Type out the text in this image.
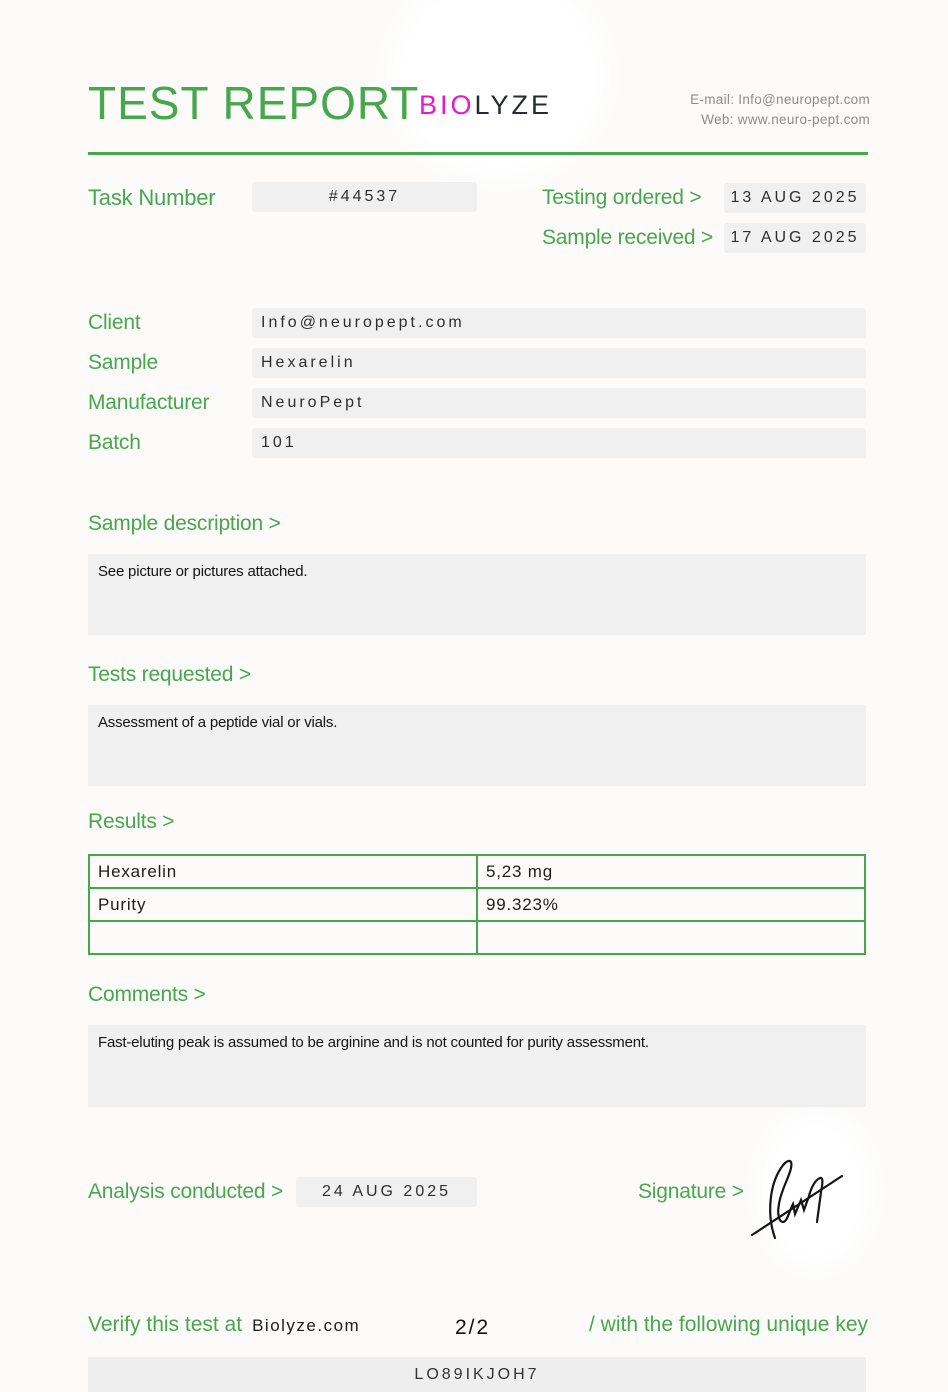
TEST REPORT BIOLYZE	E-mail: Info@neuropept.com
Web: www.neuro-pept.com
Task Number	#44537	Testing ordered >	13 AUG 2025
Sample received >	17 AUG 2025
Client	Info@neuropept.com
Sample	Hexarelin
Manufacturer	NeuroPept
Batch	101
Sample description >
See picture or pictures attached.
Tests requested >
Assessment of a peptide vial or vials.
Results >
Hexarelin	5,23 mg
Purity	99.323%

Comments >
Fast-eluting peak is assumed to be arginine and is not counted for purity assessment.
Analysis conducted >	24 AUG 2025	Signature >
Verify this test at Biolyze.com	2/2	/ with the following unique key
LO89IKJOH7
